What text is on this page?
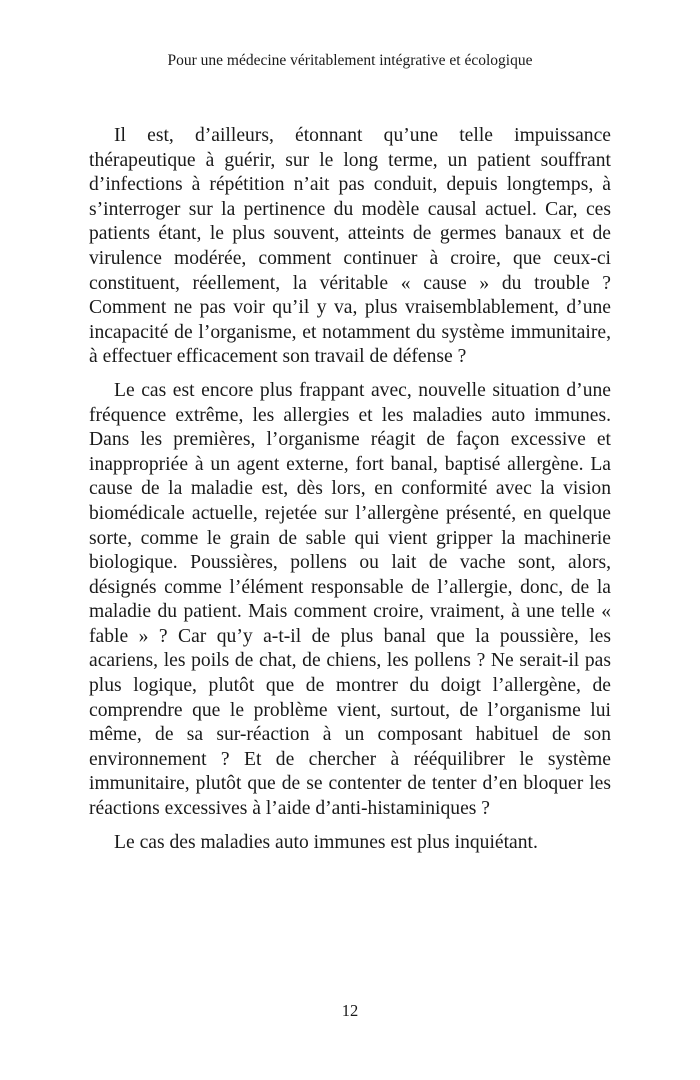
Pour une médecine véritablement intégrative et écologique

Il est, d’ailleurs, étonnant qu’une telle impuissance thérapeutique à guérir, sur le long terme, un patient souffrant d’infections à répétition n’ait pas conduit, depuis longtemps, à s’interroger sur la pertinence du modèle causal actuel. Car, ces patients étant, le plus souvent, atteints de germes banaux et de virulence modérée, comment continuer à croire, que ceux-ci constituent, réellement, la véritable « cause » du trouble ? Comment ne pas voir qu’il y va, plus vraisemblablement, d’une incapacité de l’organisme, et notamment du système immunitaire, à effectuer efficacement son travail de défense ?

Le cas est encore plus frappant avec, nouvelle situation d’une fréquence extrême, les allergies et les maladies auto immunes. Dans les premières, l’organisme réagit de façon excessive et inappropriée à un agent externe, fort banal, baptisé allergène. La cause de la maladie est, dès lors, en conformité avec la vision biomédicale actuelle, rejetée sur l’allergène présenté, en quelque sorte, comme le grain de sable qui vient gripper la machinerie biologique. Poussières, pollens ou lait de vache sont, alors, désignés comme l’élément responsable de l’allergie, donc, de la maladie du patient. Mais comment croire, vraiment, à une telle « fable » ? Car qu’y a-t-il de plus banal que la poussière, les acariens, les poils de chat, de chiens, les pollens ? Ne serait-il pas plus logique, plutôt que de montrer du doigt l’allergène, de comprendre que le problème vient, surtout, de l’organisme lui même, de sa sur-réaction à un composant habituel de son environnement ? Et de chercher à rééquilibrer le système immunitaire, plutôt que de se contenter de tenter d’en bloquer les réactions excessives à l’aide d’anti-histaminiques ?

Le cas des maladies auto immunes est plus inquiétant.

12
